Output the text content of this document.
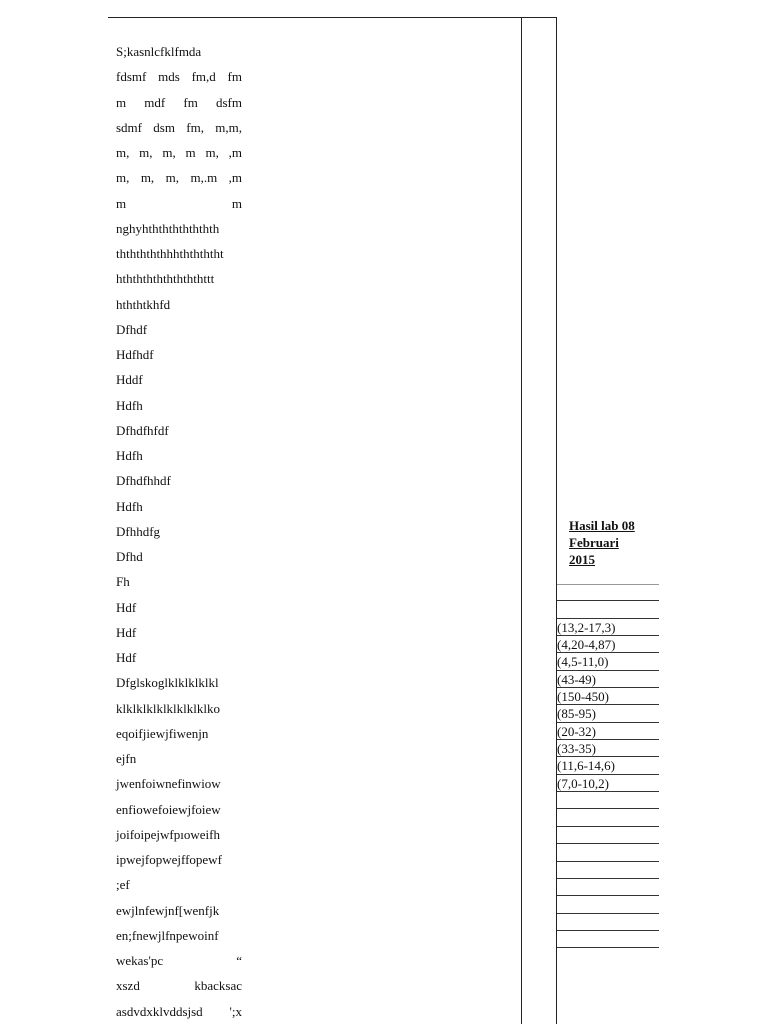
S;kasnlcfklfmda
fdsmf mds fm,d fm
m mdf fm dsfm
sdmf dsm fm, m,m,
m, m, m, m m, ,m
m, m, m, m,.m ,m
m m
nghyhththththththth
thththththhhththththt
hththththththththttt
hththtkhfd
Dfhdf
Hdfhdf
Hddf
Hdfh
Dfhdfhfdf
Hdfh
Dfhdfhhdf
Hdfh
Dfhhdfg
Dfhd
Fh
Hdf
Hdf
Hdf
Dfglskoglklklklklkl
klklklklklklklklklko
eqoifjiewjfiwenjn
ejfn
jwenfoiwnefinwiow
enfiowefoiewjfoiew
joifoipejwfpıoweifh
ipwejfopwejffopewf
;ef
ewjlnfewjnf[wenfjk
en;fnewjlfnpewoinf
wekas'pc “
xszd kbacksac
asdvdxklvddsjsd ';x
Hasil lab 08
Februari
2015
(13,2-17,3)
(4,20-4,87)
(4,5-11,0)
(43-49)
(150-450)
(85-95)
(20-32)
(33-35)
(11,6-14,6)
(7,0-10,2)
